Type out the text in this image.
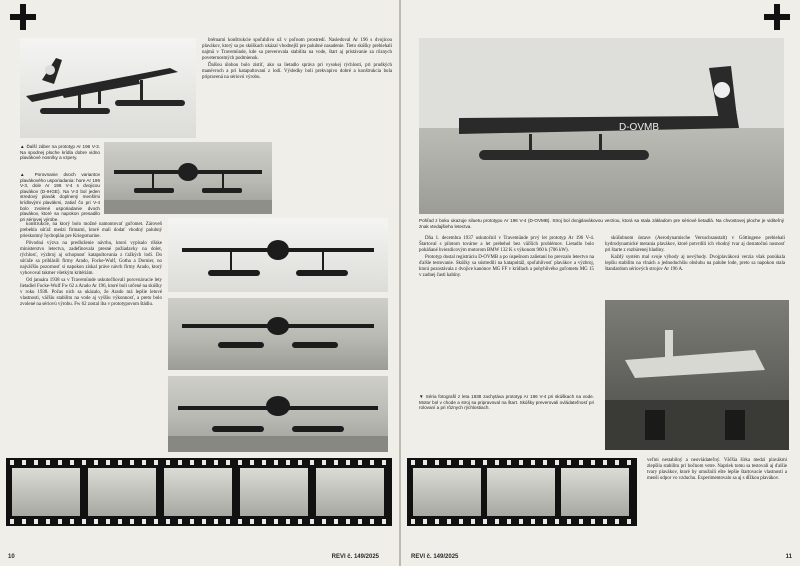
▲ Ďalší záber na prototyp Ar 196 V-3. Na spodnej ploche krídla dobre vidno plavákové nosníky a vzpery.
▲ Porovnanie dvoch variantov plavákového usporiadania: hore Ar 196 V-3, dole Ar 196 V-4 s dvojicou plavákov (D-IHGE). Na V-3 bol jeden stredový plavák doplnený menšími krídlovými plavákmi, zatiaľ čo pri V-4 bolo zvolené usporiadanie dvoch plavákov, ktoré sa napokon presadilo pri sériovej výrobe.

brémami konštrukcie spoľahlivo už v poľnom prostredí. Nasledoval Ar 196 s dvojicou plavákov, ktorý sa po skúškach ukázal vhodnejší pre palubné nasadenie. Tieto skúšky prebiehali najmä v Travemünde, kde sa preverovala stabilita na vode, štart aj pristávanie za rôznych poveternostných podmienok.

Ďalšou úlohou bolo zistiť, ako sa lietadlo správa pri vysokej rýchlosti, pri prudkých manévroch a pri katapultovaní z lodí. Výsledky boli prekvapivo dobré a konštrukcia bola pripravená na sériovú výrobu.

konštrukcie, na ktorý bolo možné namontovať guľomet. Zároveň prebehla súťaž medzi firmami, ktoré mali dodať vhodný palubný prieskumný hydroplán pre Kriegsmarine.

Pôvodná výzva na predloženie návrhu, ktorú vypísalo ríšske ministerstvo letectva, zadefinovala presné požiadavky na dolet, rýchlosť, výzbroj aj schopnosť katapultovania z ťažkých lodí. Do súťaže sa prihlásili firmy Arado, Focke-Wulf, Gotha a Dornier, no najväčšiu pozornosť si napokon získal práve návrh firmy Arado, ktorý vyhovoval takmer všetkým kritériám.

Od januára 1938 sa v Travemünde uskutočňovali porovnávacie lety lietadiel Focke-Wulf Fw 62 a Arado Ar 196, ktoré boli určené na skúšky v roku 1938. Počas nich sa ukázalo, že Arado má lepšie letové vlastnosti, väčšiu stabilitu na vode aj vyššiu výkonnosť, a preto bolo zvolené na sériovú výrobu. Fw 62 zostal iba v prototypovom štádiu.

10	REVI č. 149/2025
D-OVMB
Pohľad z boku ukazuje siluetu prototypu Ar 196 V-4 (D-OVMB). Stroj bol dvojplavákovou verziou, ktorá sa stala základom pre sériové lietadlá. Na chvostovej ploche je viditeľný znak vtedajšieho letectva.

Dňa 1. decembra 1937 uskutočnil v Travemünde prvý let prototyp Ar 196 V-4. Štartoval s pilotom továrne a let prebehol bez väčších problémov. Lietadlo bolo poháňané hviezdicovým motorom BMW 132 K s výkonom 960 k (706 kW).

Prototyp dostal registráciu D-OVMB a po úspešnom zalietaní ho prevzalo letectvo na ďalšie testovanie. Skúšky sa sústredili na katapultáž, spoľahlivosť plavákov a výzbroj, ktorá pozostávala z dvojice kanónov MG FF v krídlach a pohyblivého guľometu MG 15 v zadnej časti kabíny.

skúšobnom ústave (Aerodynamische Versuchsanstalt) v Göttingene prebiehali hydrodynamické merania plavákov, ktoré potvrdili ich vhodný tvar aj dostatočnú nosnosť pri štarte z rozbúrenej hladiny.

Každý systém mal svoje výhody aj nevýhody. Dvojplaváková verzia však ponúkala lepšiu stabilitu na vlnách a jednoduchšiu obsluhu na palube lode, preto sa napokon stala štandardom sériových strojov Ar 196 A.

▼ Séria fotografií z leta 1938 zachytáva prototyp Ar 196 V-4 pri skúškach na vode. Motor bol v chode a stroj sa pripravoval na štart. Skúšky preverovali ovládateľnosť pri rolovaní a pri rôznych rýchlostiach.

veľmi nestabilný a neovládateľný. Väčšia šírka medzi plavákmi zlepšila stabilitu pri bočnom vetre. Napriek tomu sa testovali aj ďalšie tvary plavákov, ktoré by umožnili ešte lepšie štartovacie vlastnosti a menší odpor vo vzduchu. Experimentovalo sa aj s dĺžkou plavákov.

REVI č. 149/2025	11
